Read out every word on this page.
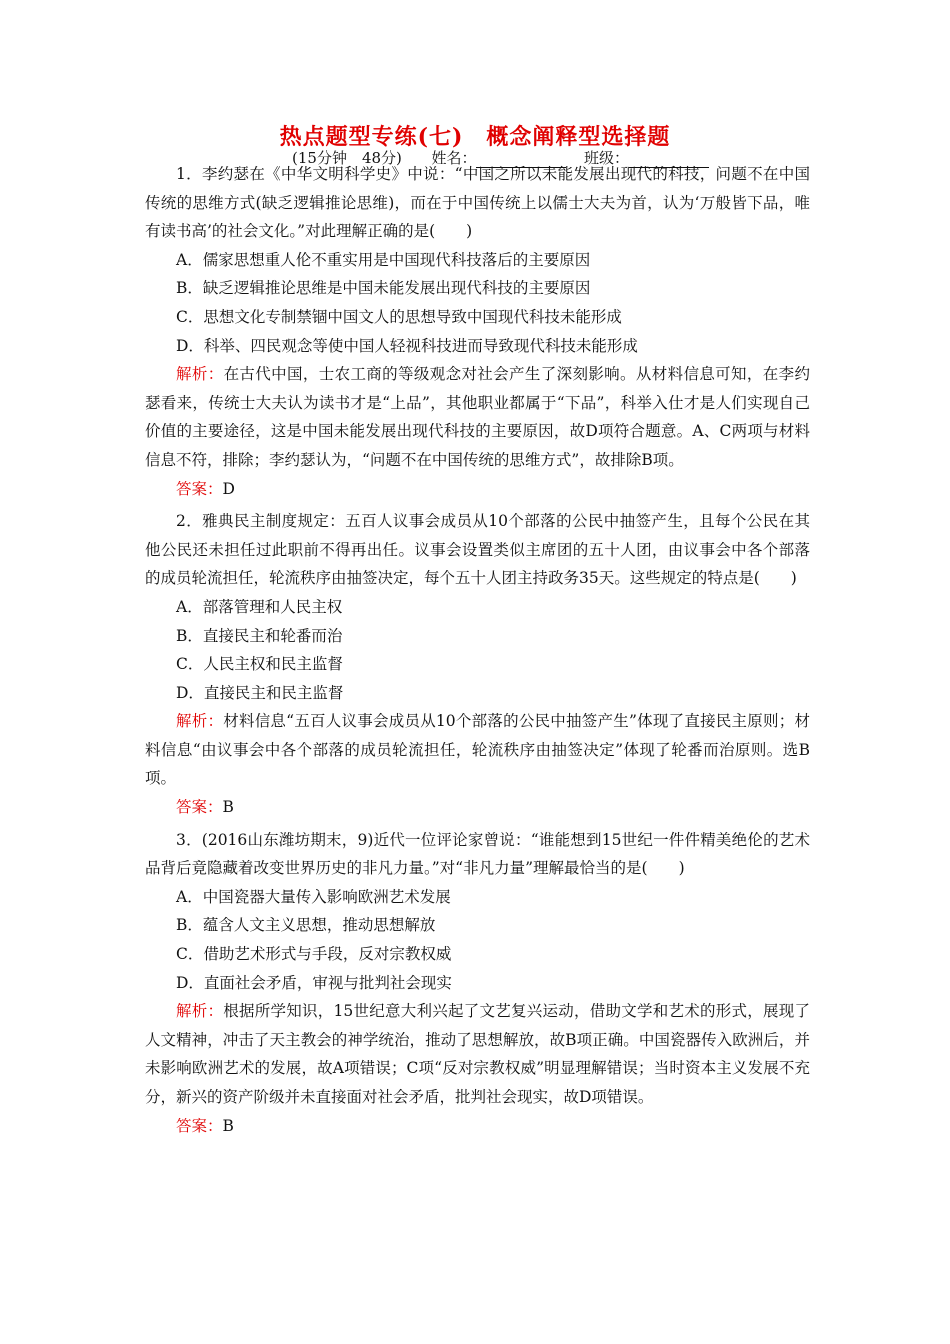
热点题型专练(七)　概念阐释型选择题
(15分钟　48分) 姓名：	班级：

1．李约瑟在《中华文明科学史》中说：“中国之所以未能发展出现代的科技，问题不在中国传统的思维方式(缺乏逻辑推论思维)，而在于中国传统上以儒士大夫为首，认为‘万般皆下品，唯有读书高’的社会文化。”对此理解正确的是(　　)

A．儒家思想重人伦不重实用是中国现代科技落后的主要原因

B．缺乏逻辑推论思维是中国未能发展出现代科技的主要原因

C．思想文化专制禁锢中国文人的思想导致中国现代科技未能形成

D．科举、四民观念等使中国人轻视科技进而导致现代科技未能形成

解析：在古代中国，士农工商的等级观念对社会产生了深刻影响。从材料信息可知，在李约瑟看来，传统士大夫认为读书才是“上品”，其他职业都属于“下品”，科举入仕才是人们实现自己价值的主要途径，这是中国未能发展出现代科技的主要原因，故D项符合题意。A、C两项与材料信息不符，排除；李约瑟认为，“问题不在中国传统的思维方式”，故排除B项。

答案：D

2．雅典民主制度规定：五百人议事会成员从10个部落的公民中抽签产生，且每个公民在其他公民还未担任过此职前不得再出任。议事会设置类似主席团的五十人团，由议事会中各个部落的成员轮流担任，轮流秩序由抽签决定，每个五十人团主持政务35天。这些规定的特点是(　　)

A．部落管理和人民主权

B．直接民主和轮番而治

C．人民主权和民主监督

D．直接民主和民主监督

解析：材料信息“五百人议事会成员从10个部落的公民中抽签产生”体现了直接民主原则；材料信息“由议事会中各个部落的成员轮流担任，轮流秩序由抽签决定”体现了轮番而治原则。选B项。

答案：B

3．(2016山东潍坊期末，9)近代一位评论家曾说：“谁能想到15世纪一件件精美绝伦的艺术品背后竟隐藏着改变世界历史的非凡力量。”对“非凡力量”理解最恰当的是(　　)

A．中国瓷器大量传入影响欧洲艺术发展

B．蕴含人文主义思想，推动思想解放

C．借助艺术形式与手段，反对宗教权威

D．直面社会矛盾，审视与批判社会现实

解析：根据所学知识，15世纪意大利兴起了文艺复兴运动，借助文学和艺术的形式，展现了人文精神，冲击了天主教会的神学统治，推动了思想解放，故B项正确。中国瓷器传入欧洲后，并未影响欧洲艺术的发展，故A项错误；C项“反对宗教权威”明显理解错误；当时资本主义发展不充分，新兴的资产阶级并未直接面对社会矛盾，批判社会现实，故D项错误。

答案：B
